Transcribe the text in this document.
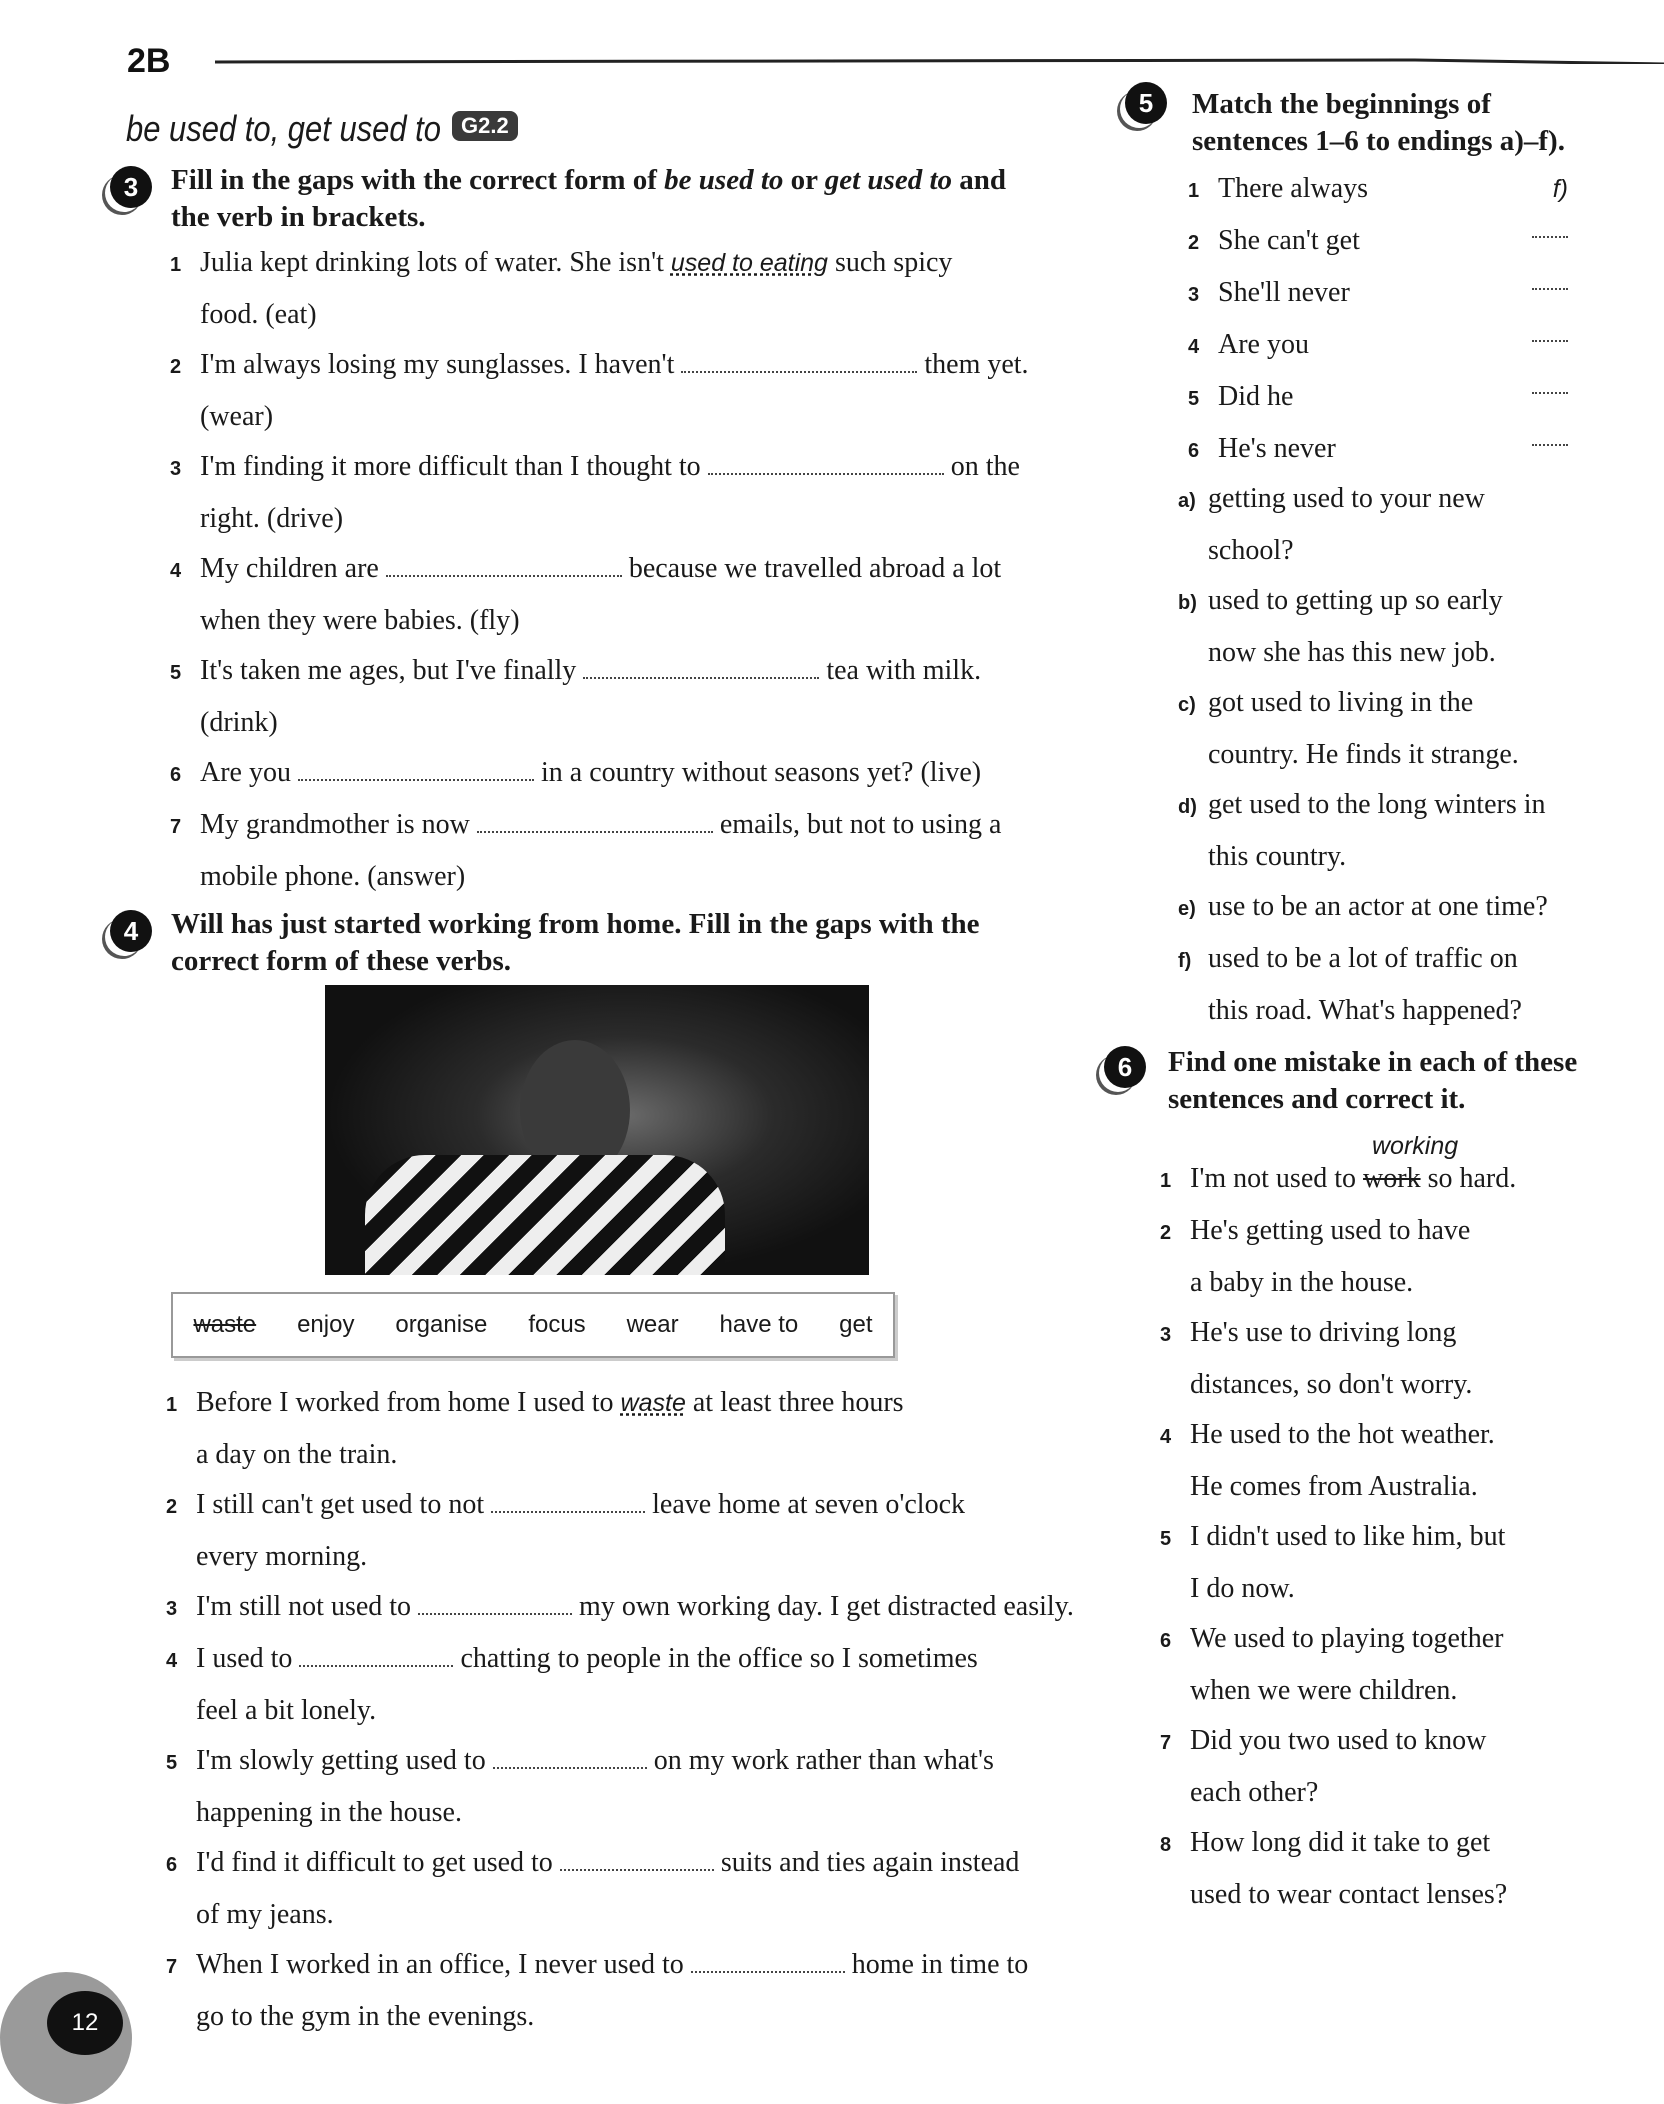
2B
be used to, get used to G2.2
3	Fill in the gaps with the correct form of be used to or get used to and the verb in brackets.
1 Julia kept drinking lots of water. She isn't used to eating such spicy
food. (eat)
2 I'm always losing my sunglasses. I haven't	them yet.
(wear)
3 I'm finding it more difficult than I thought to	on the
right. (drive)
4 My children are	because we travelled abroad a lot
when they were babies. (fly)
5 It's taken me ages, but I've finally	tea with milk.
(drink)
6 Are you	in a country without seasons yet? (live)
7 My grandmother is now	emails, but not to using a
mobile phone. (answer)
4	Will has just started working from home. Fill in the gaps with the correct form of these verbs.
waste enjoy organise focus wear have to get
1 Before I worked from home I used to waste at least three hours
a day on the train.
2 I still can't get used to not	leave home at seven o'clock
every morning.
3 I'm still not used to	my own working day. I get distracted easily.
4 I used to	chatting to people in the office so I sometimes
feel a bit lonely.
5 I'm slowly getting used to	on my work rather than what's
happening in the house.
6 I'd find it difficult to get used to	suits and ties again instead
of my jeans.
7 When I worked in an office, I never used to	home in time to
go to the gym in the evenings.
5	Match the beginnings of sentences 1–6 to endings a)–f).
1 There always	f)
2 She can't get
3 She'll never
4 Are you
5 Did he
6 He's never
a) getting used to your new
school?
b) used to getting up so early
now she has this new job.
c) got used to living in the
country. He finds it strange.
d) get used to the long winters in
this country.
e) use to be an actor at one time?
f) used to be a lot of traffic on
this road. What's happened?
6	Find one mistake in each of these sentences and correct it.
working
1 I'm not used to work so hard.
2 He's getting used to have
a baby in the house.
3 He's use to driving long
distances, so don't worry.
4 He used to the hot weather.
He comes from Australia.
5 I didn't used to like him, but
I do now.
6 We used to playing together
when we were children.
7 Did you two used to know
each other?
8 How long did it take to get
used to wear contact lenses?
12
